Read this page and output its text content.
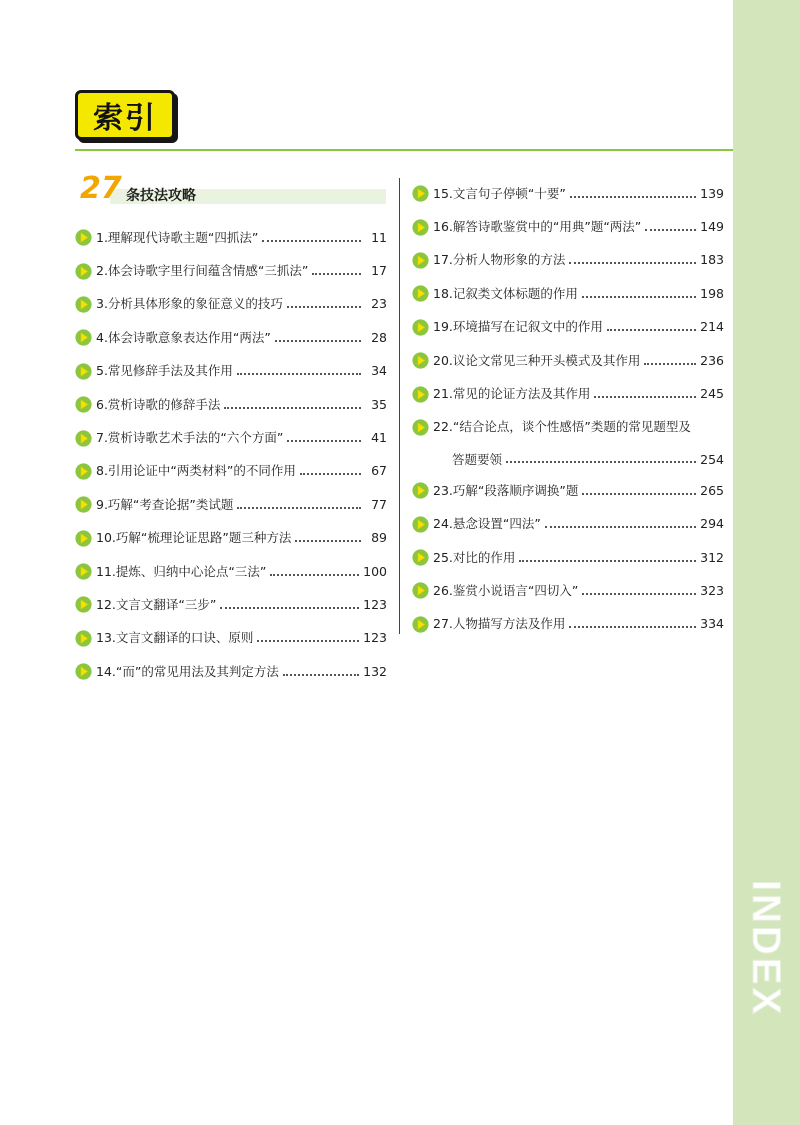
INDEX
索引
27 条技法攻略
1.理解现代诗歌主题“四抓法”	11
2.体会诗歌字里行间蕴含情感“三抓法”	17
3.分析具体形象的象征意义的技巧	23
4.体会诗歌意象表达作用“两法”	28
5.常见修辞手法及其作用	34
6.赏析诗歌的修辞手法	35
7.赏析诗歌艺术手法的“六个方面”	41
8.引用论证中“两类材料”的不同作用	67
9.巧解“考查论据”类试题	77
10.巧解“梳理论证思路”题三种方法	89
11.提炼、归纳中心论点“三法”	100
12.文言文翻译“三步”	123
13.文言文翻译的口诀、原则	123
14.“而”的常见用法及其判定方法	132
15.文言句子停顿“十要”	139
16.解答诗歌鉴赏中的“用典”题“两法”	149
17.分析人物形象的方法	183
18.记叙类文体标题的作用	198
19.环境描写在记叙文中的作用	214
20.议论文常见三种开头模式及其作用	236
21.常见的论证方法及其作用	245
22.“结合论点，谈个性感悟”类题的常见题型及
答题要领	254
23.巧解“段落顺序调换”题	265
24.悬念设置“四法”	294
25.对比的作用	312
26.鉴赏小说语言“四切入”	323
27.人物描写方法及作用	334
